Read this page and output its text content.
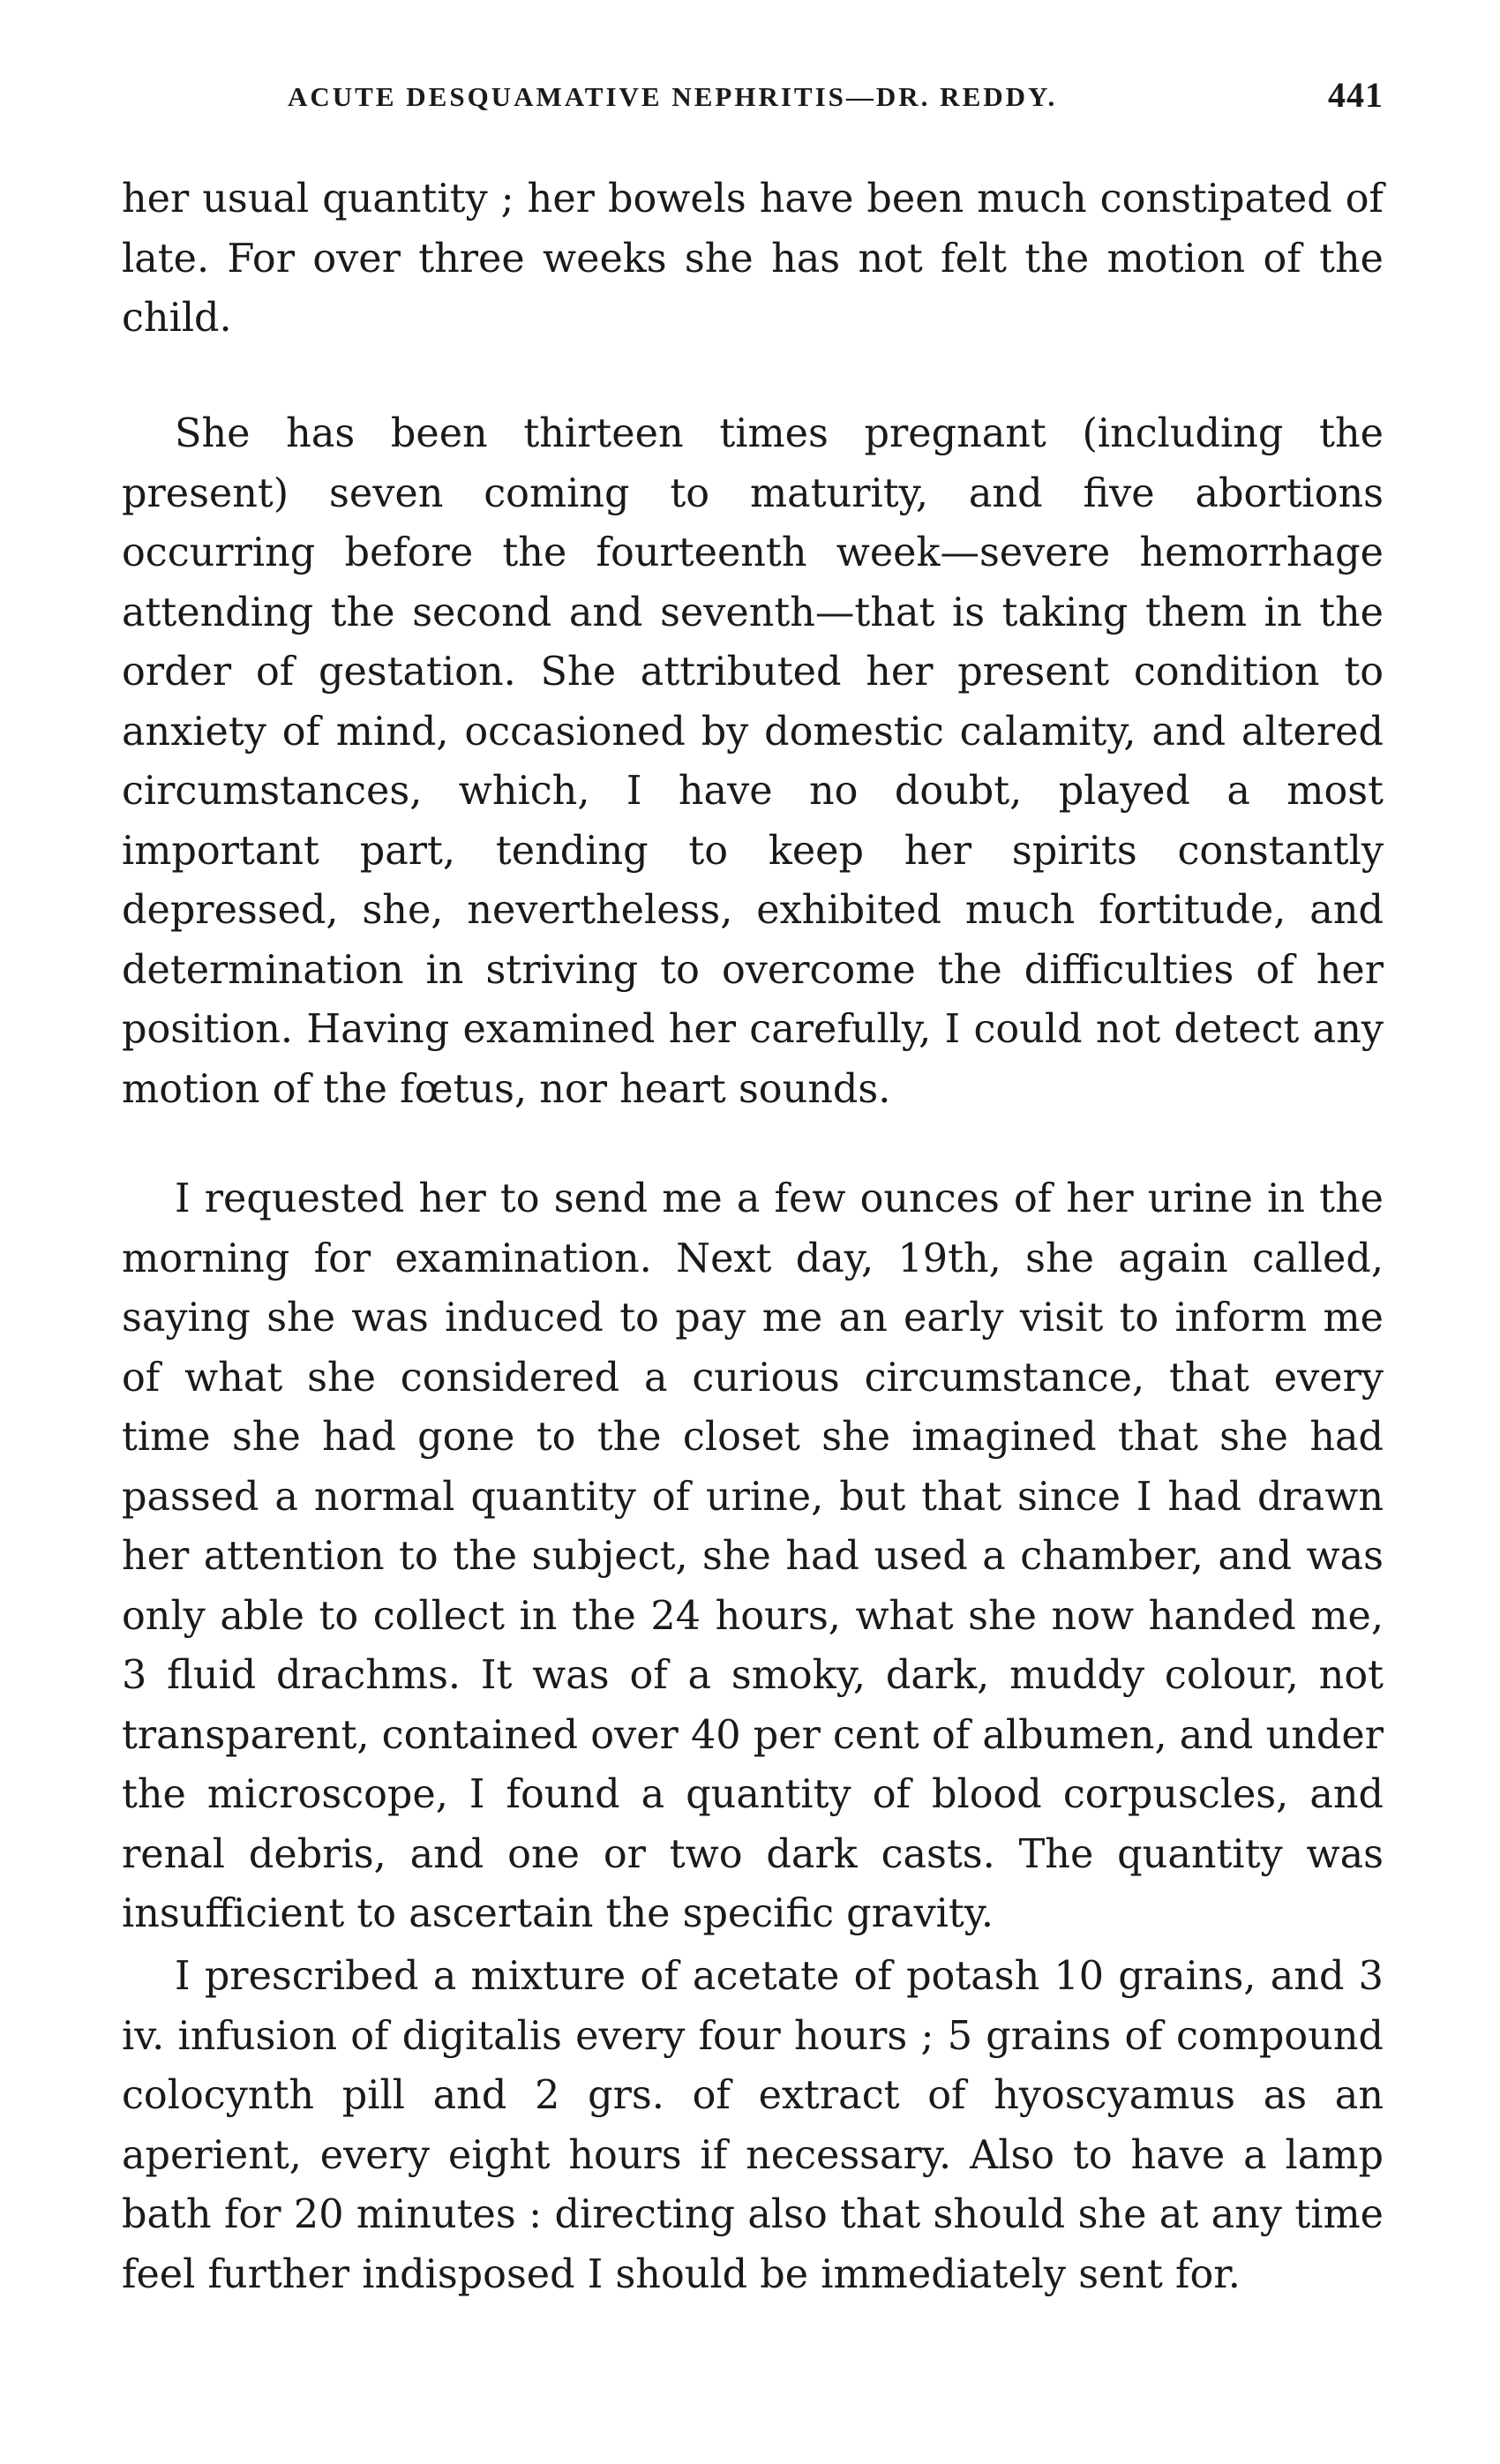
ACUTE DESQUAMATIVE NEPHRITIS—DR. REDDY.	441

her usual quantity ; her bowels have been much constipated of late. For over three weeks she has not felt the motion of the child.

She has been thirteen times pregnant (including the present) seven coming to maturity, and five abortions occurring before the fourteenth week—severe hemorrhage attending the second and seventh—that is taking them in the order of gestation. She attributed her present condition to anxiety of mind, occasioned by domestic calamity, and altered circumstances, which, I have no doubt, played a most important part, tending to keep her spirits constantly depressed, she, nevertheless, exhibited much fortitude, and determination in striving to overcome the difficulties of her position. Having examined her carefully, I could not detect any motion of the fœtus, nor heart sounds.

I requested her to send me a few ounces of her urine in the morning for examination. Next day, 19th, she again called, saying she was induced to pay me an early visit to inform me of what she considered a curious circumstance, that every time she had gone to the closet she imagined that she had passed a normal quantity of urine, but that since I had drawn her attention to the subject, she had used a chamber, and was only able to collect in the 24 hours, what she now handed me, 3 fluid drachms. It was of a smoky, dark, muddy colour, not transparent, contained over 40 per cent of albumen, and under the microscope, I found a quantity of blood corpuscles, and renal debris, and one or two dark casts. The quantity was insufficient to ascertain the specific gravity.

I prescribed a mixture of acetate of potash 10 grains, and 3 iv. infusion of digitalis every four hours ; 5 grains of compound colocynth pill and 2 grs. of extract of hyoscyamus as an aperient, every eight hours if necessary. Also to have a lamp bath for 20 minutes : directing also that should she at any time feel further indisposed I should be immediately sent for.
